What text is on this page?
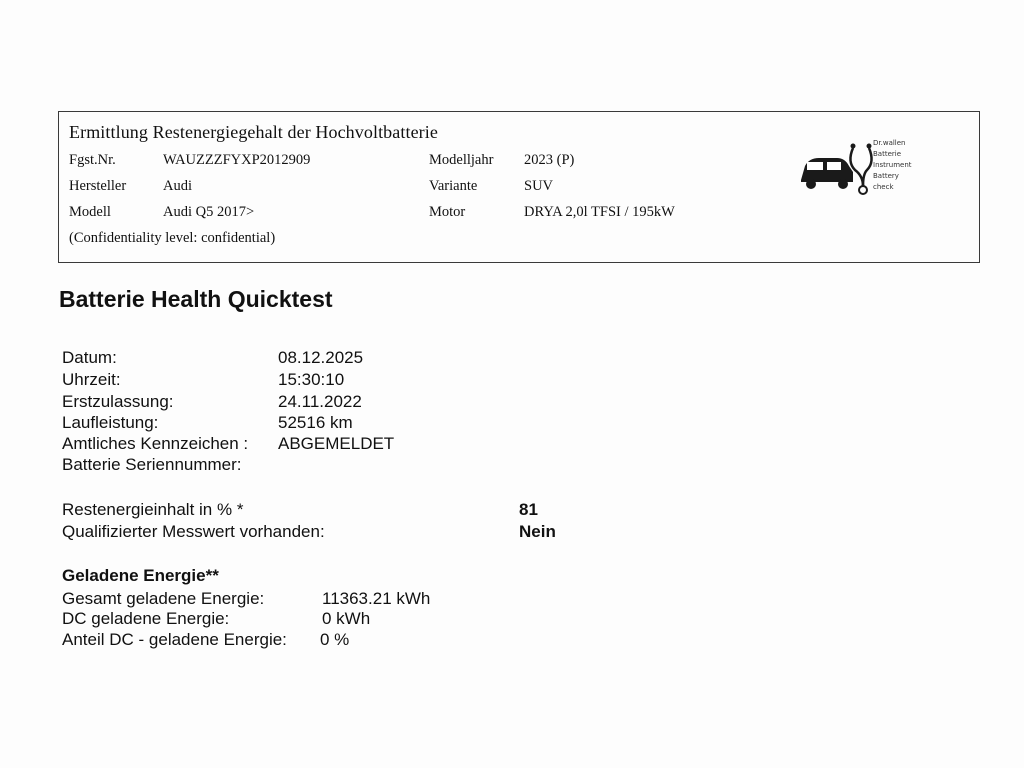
Ermittlung Restenergiegehalt der Hochvoltbatterie
Fgst.Nr.	WAUZZZFYXP2012909	Modelljahr 2023 (P)
Hersteller	Audi	Variante	SUV
Modell	Audi Q5 2017>	Motor	DRYA 2,0l TFSI / 195kW
(Confidentiality level: confidential)
Dr.wallen
Batterie
Instrument
Battery
check
Batterie Health Quicktest
Datum:	08.12.2025
Uhrzeit:	15:30:10
Erstzulassung:	24.11.2022
Laufleistung:	52516 km
Amtliches Kennzeichen : ABGEMELDET
Batterie Seriennummer:
Restenergieinhalt in % *	81
Qualifizierter Messwert vorhanden:	Nein
Geladene Energie**
Gesamt geladene Energie:	11363.21 kWh
DC geladene Energie:	0 kWh
Anteil DC - geladene Energie: 0 %
